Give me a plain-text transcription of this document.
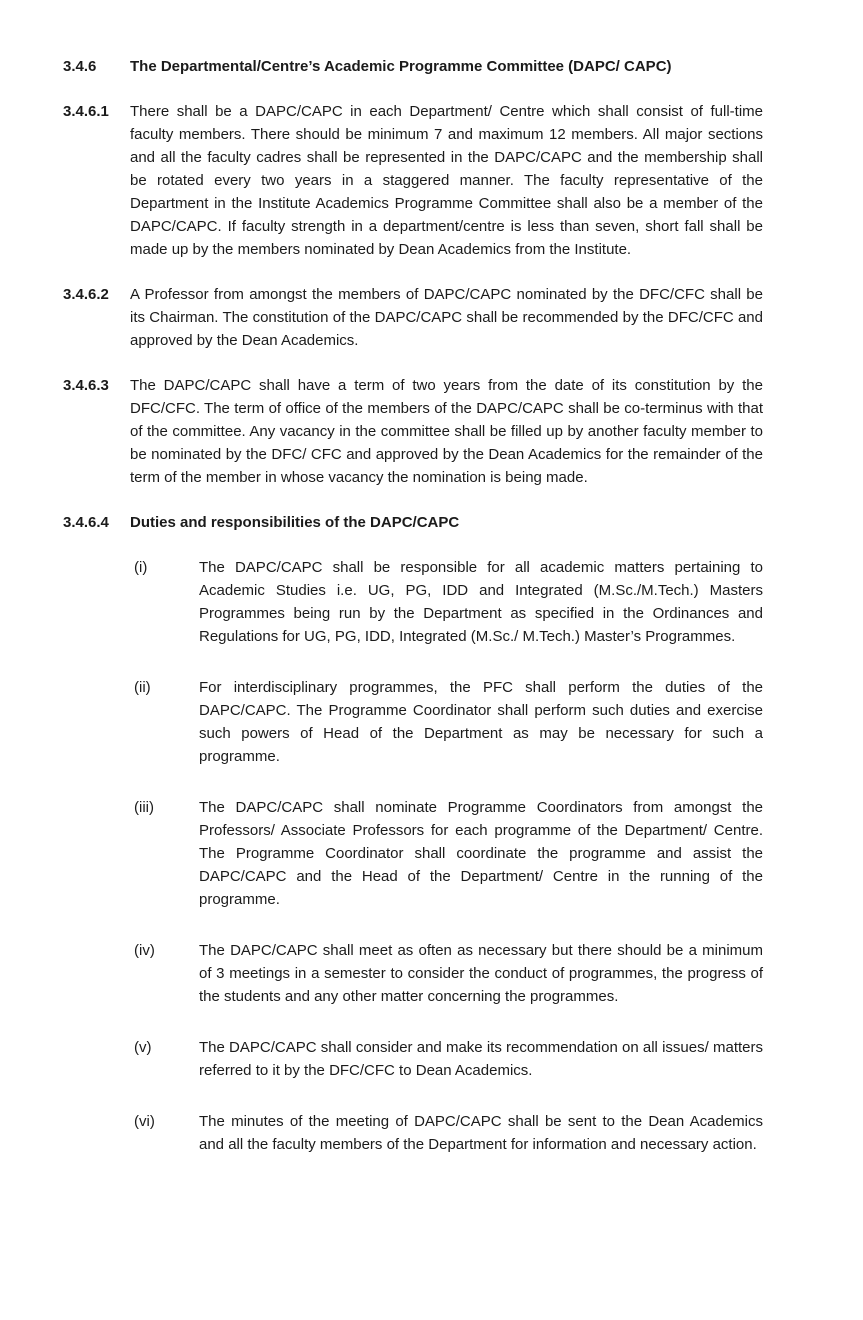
3.4.6	The Departmental/Centre’s Academic Programme Committee (DAPC/ CAPC)
3.4.6.1	There shall be a DAPC/CAPC in each Department/ Centre which shall consist of full-time faculty members. There should be minimum 7 and maximum 12 members. All major sections and all the faculty cadres shall be represented in the DAPC/CAPC and the membership shall be rotated every two years in a staggered manner. The faculty representative of the Department in the Institute Academics Programme Committee shall also be a member of the DAPC/CAPC. If faculty strength in a department/centre is less than seven, short fall shall be made up by the members nominated by Dean Academics from the Institute.
3.4.6.2	A Professor from amongst the members of DAPC/CAPC nominated by the DFC/CFC shall be its Chairman. The constitution of the DAPC/CAPC shall be recommended by the DFC/CFC and approved by the Dean Academics.
3.4.6.3	The DAPC/CAPC shall have a term of two years from the date of its constitution by the DFC/CFC. The term of office of the members of the DAPC/CAPC shall be co-terminus with that of the committee. Any vacancy in the committee shall be filled up by another faculty member to be nominated by the DFC/ CFC and approved by the Dean Academics for the remainder of the term of the member in whose vacancy the nomination is being made.
3.4.6.4	Duties and responsibilities of the DAPC/CAPC
(i)	The DAPC/CAPC shall be responsible for all academic matters pertaining to Academic Studies i.e. UG, PG, IDD and Integrated (M.Sc./M.Tech.) Masters Programmes being run by the Department as specified in the Ordinances and Regulations for UG, PG, IDD, Integrated (M.Sc./ M.Tech.) Master’s Programmes.
(ii)	For interdisciplinary programmes, the PFC shall perform the duties of the DAPC/CAPC. The Programme Coordinator shall perform such duties and exercise such powers of Head of the Department as may be necessary for such a programme.
(iii)	The DAPC/CAPC shall nominate Programme Coordinators from amongst the Professors/ Associate Professors for each programme of the Department/ Centre. The Programme Coordinator shall coordinate the programme and assist the DAPC/CAPC and the Head of the Department/ Centre in the running of the programme.
(iv)	The DAPC/CAPC shall meet as often as necessary but there should be a minimum of 3 meetings in a semester to consider the conduct of programmes, the progress of the students and any other matter concerning the programmes.
(v)	The DAPC/CAPC shall consider and make its recommendation on all issues/ matters referred to it by the DFC/CFC to Dean Academics.
(vi)	The minutes of the meeting of DAPC/CAPC shall be sent to the Dean Academics and all the faculty members of the Department for information and necessary action.
